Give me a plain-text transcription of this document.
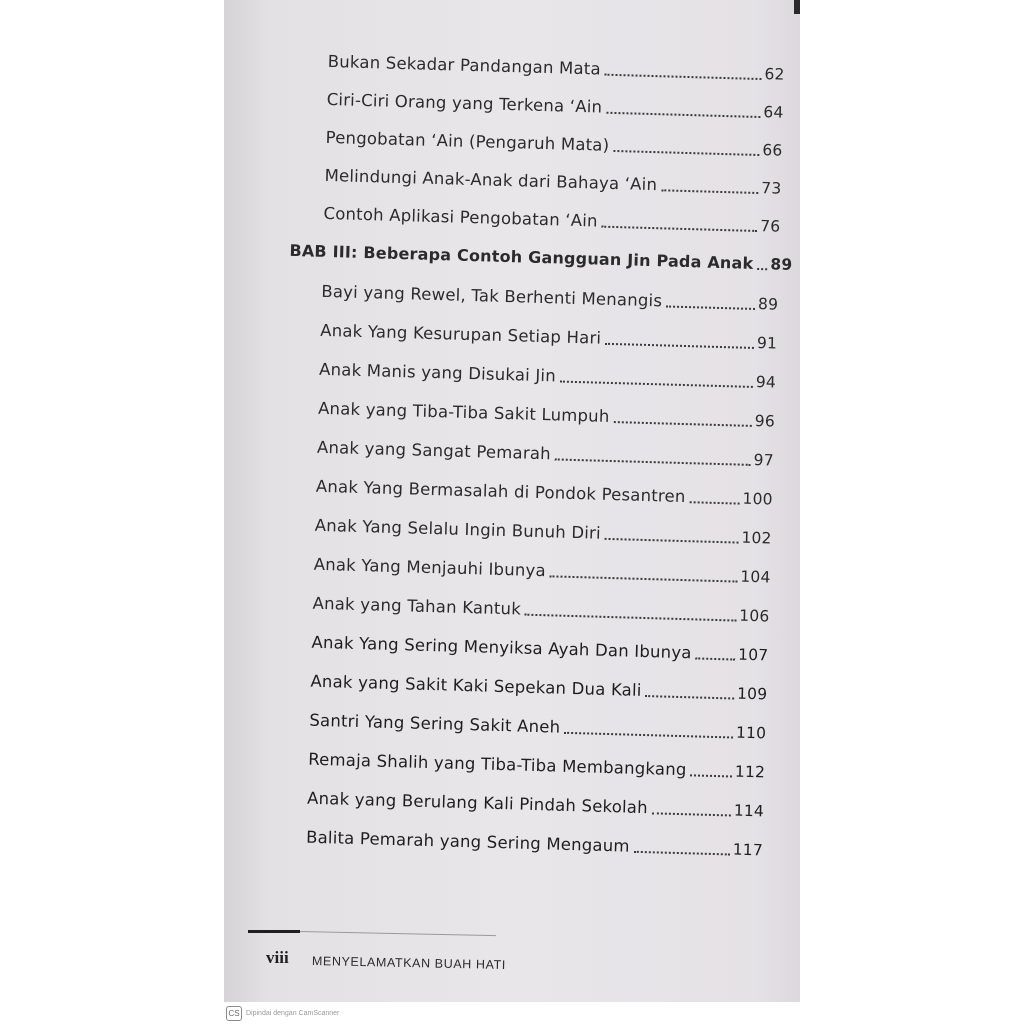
Bukan Sekadar Pandangan Mata	62
Ciri-Ciri Orang yang Terkena ‘Ain	64
Pengobatan ‘Ain (Pengaruh Mata)	66
Melindungi Anak-Anak dari Bahaya ‘Ain	73
Contoh Aplikasi Pengobatan ‘Ain	76
BAB III: Beberapa Contoh Gangguan Jin Pada Anak 89
Bayi yang Rewel, Tak Berhenti Menangis	89
Anak Yang Kesurupan Setiap Hari	91
Anak Manis yang Disukai Jin	94
Anak yang Tiba-Tiba Sakit Lumpuh	96
Anak yang Sangat Pemarah	97
Anak Yang Bermasalah di Pondok Pesantren	100
Anak Yang Selalu Ingin Bunuh Diri	102
Anak Yang Menjauhi Ibunya	104
Anak yang Tahan Kantuk	106
Anak Yang Sering Menyiksa Ayah Dan Ibunya	107
Anak yang Sakit Kaki Sepekan Dua Kali	109
Santri Yang Sering Sakit Aneh	110
Remaja Shalih yang Tiba-Tiba Membangkang	112
Anak yang Berulang Kali Pindah Sekolah	114
Balita Pemarah yang Sering Mengaum	117
viii MENYELAMATKAN BUAH HATI
CS Dipindai dengan CamScanner
